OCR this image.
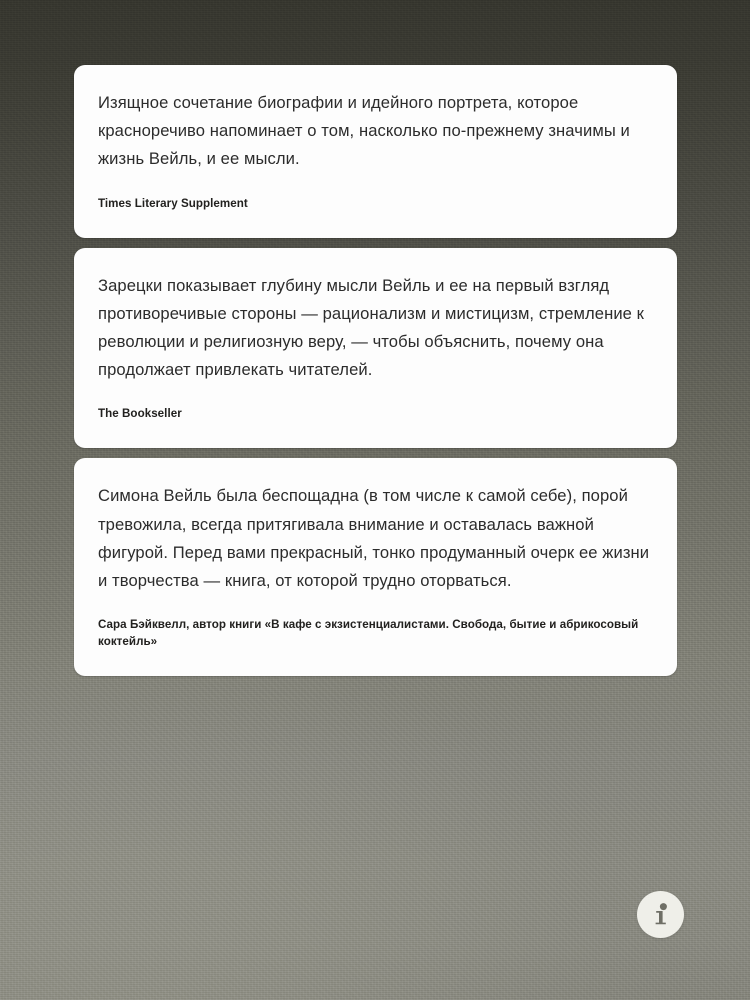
Изящное сочетание биографии и идейного портрета, которое красноречиво напоминает о том, насколько по-прежнему значимы и жизнь Вейль, и ее мысли.

Times Literary Supplement

Зарецки показывает глубину мысли Вейль и ее на первый взгляд противоречивые стороны — рационализм и мистицизм, стремление к революции и религиозную веру, — чтобы объяснить, почему она продолжает привлекать читателей.

The Bookseller

Симона Вейль была беспощадна (в том числе к самой себе), порой тревожила, всегда притягивала внимание и оставалась важной фигурой. Перед вами прекрасный, тонко продуманный очерк ее жизни и творчества — книга, от которой трудно оторваться.

Сара Бэйквелл, автор книги «В кафе с экзистенциалистами. Свобода, бытие и абрикосовый коктейль»
